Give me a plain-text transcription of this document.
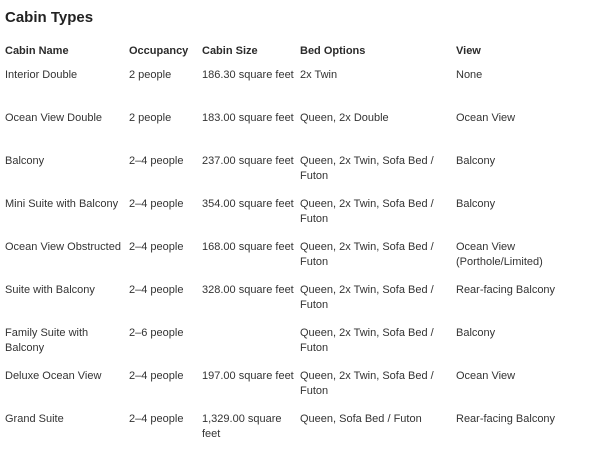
Cabin Types
Cabin Name	Occupancy	Cabin Size	Bed Options	View
Interior Double	2 people	186.30 square feet	2x Twin	None
Ocean View Double	2 people	183.00 square feet	Queen, 2x Double	Ocean View
Balcony	2–4 people	237.00 square feet	Queen, 2x Twin, Sofa Bed / Futon	Balcony
Mini Suite with Balcony	2–4 people	354.00 square feet	Queen, 2x Twin, Sofa Bed / Futon	Balcony
Ocean View Obstructed	2–4 people	168.00 square feet	Queen, 2x Twin, Sofa Bed / Futon	Ocean View (Porthole/Limited)
Suite with Balcony	2–4 people	328.00 square feet	Queen, 2x Twin, Sofa Bed / Futon	Rear-facing Balcony
Family Suite with Balcony	2–6 people		Queen, 2x Twin, Sofa Bed / Futon	Balcony
Deluxe Ocean View	2–4 people	197.00 square feet	Queen, 2x Twin, Sofa Bed / Futon	Ocean View
Grand Suite	2–4 people	1,329.00 square feet	Queen, Sofa Bed / Futon	Rear-facing Balcony
